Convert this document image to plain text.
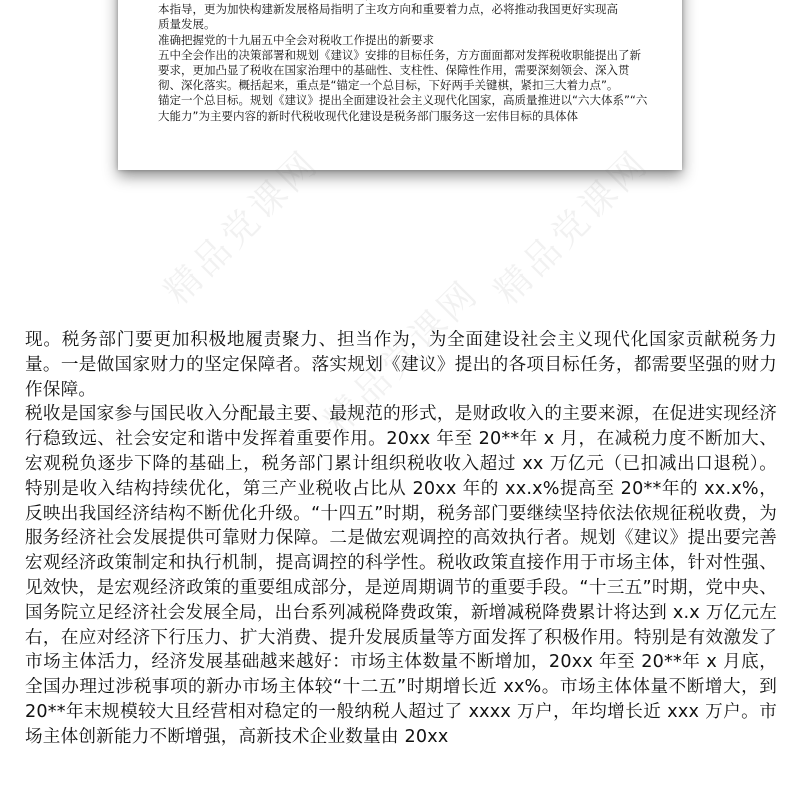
本指导，更为加快构建新发展格局指明了主攻方向和重要着力点，必将推动我国更好实现高

质量发展。

准确把握党的十九届五中全会对税收工作提出的新要求

五中全会作出的决策部署和规划《建议》安排的目标任务，方方面面都对发挥税收职能提出了新要求，更加凸显了税收在国家治理中的基础性、支柱性、保障性作用，需要深刻领会、深入贯彻、深化落实。概括起来，重点是“锚定一个总目标，下好两手关键棋，紧扣三大着力点”。

锚定一个总目标。规划《建议》提出全面建设社会主义现代化国家，高质量推进以“六大体系”“六大能力”为主要内容的新时代税收现代化建设是税务部门服务这一宏伟目标的具体体

精品党课网	精品党课网
精品党课网

现。税务部门要更加积极地履责聚力、担当作为，为全面建设社会主义现代化国家贡献税务力量。一是做国家财力的坚定保障者。落实规划《建议》提出的各项目标任务，都需要坚强的财力作保障。

税收是国家参与国民收入分配最主要、最规范的形式，是财政收入的主要来源，在促进实现经济行稳致远、社会安定和谐中发挥着重要作用。20xx 年至 20**年 x 月，在减税力度不断加大、宏观税负逐步下降的基础上，税务部门累计组织税收收入超过 xx 万亿元（已扣减出口退税）。特别是收入结构持续优化，第三产业税收占比从 20xx 年的 xx.x%提高至 20**年的 xx.x%，反映出我国经济结构不断优化升级。“十四五”时期，税务部门要继续坚持依法依规征税收费，为服务经济社会发展提供可靠财力保障。二是做宏观调控的高效执行者。规划《建议》提出要完善宏观经济政策制定和执行机制，提高调控的科学性。税收政策直接作用于市场主体，针对性强、见效快，是宏观经济政策的重要组成部分，是逆周期调节的重要手段。“十三五”时期，党中央、国务院立足经济社会发展全局，出台系列减税降费政策，新增减税降费累计将达到 x.x 万亿元左右，在应对经济下行压力、扩大消费、提升发展质量等方面发挥了积极作用。特别是有效激发了市场主体活力，经济发展基础越来越好：市场主体数量不断增加，20xx 年至 20**年 x 月底，全国办理过涉税事项的新办市场主体较“十二五”时期增长近 xx%。市场主体体量不断增大，到 20**年末规模较大且经营相对稳定的一般纳税人超过了 xxxx 万户，年均增长近 xxx 万户。市场主体创新能力不断增强，高新技术企业数量由 20xx
